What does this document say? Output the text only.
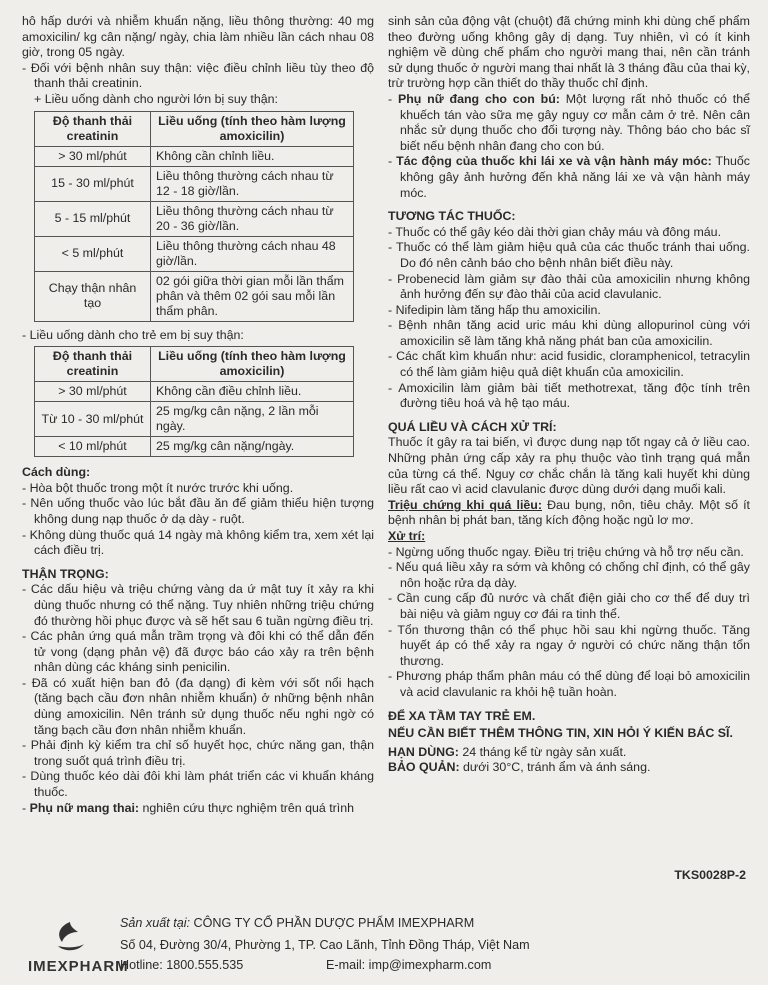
hô hấp dưới và nhiễm khuẩn nặng, liều thông thường: 40 mg amoxicilin/ kg cân nặng/ ngày, chia làm nhiều lần cách nhau 08 giờ, trong 05 ngày.

- Đối với bệnh nhân suy thận: việc điều chỉnh liều tùy theo độ thanh thải creatinin.

+ Liều uống dành cho người lớn bị suy thận:

Độ thanh thải creatinin	Liều uống (tính theo hàm lượng amoxicilin)
> 30 ml/phút	Không cần chỉnh liều.
15 - 30 ml/phút	Liều thông thường cách nhau từ 12 - 18 giờ/lần.
5 - 15 ml/phút	Liều thông thường cách nhau từ 20 - 36 giờ/lần.
< 5 ml/phút	Liều thông thường cách nhau 48 giờ/lần.
Chạy thận nhân tạo	02 gói giữa thời gian mỗi lần thẩm phân và thêm 02 gói sau mỗi lần thẩm phân.

- Liều uống dành cho trẻ em bị suy thận:

Độ thanh thải creatinin	Liều uống (tính theo hàm lượng amoxicilin)
> 30 ml/phút	Không cần điều chỉnh liều.
Từ 10 - 30 ml/phút	25 mg/kg cân nặng, 2 lần mỗi ngày.
< 10 ml/phút	25 mg/kg cân nặng/ngày.

Cách dùng:

- Hòa bột thuốc trong một ít nước trước khi uống.

- Nên uống thuốc vào lúc bắt đầu ăn để giảm thiểu hiện tượng không dung nạp thuốc ở dạ dày - ruột.

- Không dùng thuốc quá 14 ngày mà không kiểm tra, xem xét lại cách điều trị.

THẬN TRỌNG:

- Các dấu hiệu và triệu chứng vàng da ứ mật tuy ít xảy ra khi dùng thuốc nhưng có thể nặng. Tuy nhiên những triệu chứng đó thường hồi phục được và sẽ hết sau 6 tuần ngừng điều trị.

- Các phản ứng quá mẫn trầm trọng và đôi khi có thể dẫn đến tử vong (dạng phản vệ) đã được báo cáo xảy ra trên bệnh nhân dùng các kháng sinh penicilin.

- Đã có xuất hiện ban đỏ (đa dạng) đi kèm với sốt nổi hạch (tăng bạch cầu đơn nhân nhiễm khuẩn) ở những bệnh nhân dùng amoxicilin. Nên tránh sử dụng thuốc nếu nghi ngờ có tăng bạch cầu đơn nhân nhiễm khuẩn.

- Phải định kỳ kiểm tra chỉ số huyết học, chức năng gan, thận trong suốt quá trình điều trị.

- Dùng thuốc kéo dài đôi khi làm phát triển các vi khuẩn kháng thuốc.

- Phụ nữ mang thai: nghiên cứu thực nghiệm trên quá trình

sinh sản của động vật (chuột) đã chứng minh khi dùng chế phẩm theo đường uống không gây dị dạng. Tuy nhiên, vì có ít kinh nghiệm về dùng chế phẩm cho người mang thai, nên cần tránh sử dụng thuốc ở người mang thai nhất là 3 tháng đầu của thai kỳ, trừ trường hợp cần thiết do thầy thuốc chỉ định.

- Phụ nữ đang cho con bú: Một lượng rất nhỏ thuốc có thể khuếch tán vào sữa mẹ gây nguy cơ mẫn cảm ở trẻ. Nên cân nhắc sử dụng thuốc cho đối tượng này. Thông báo cho bác sĩ biết nếu bệnh nhân đang cho con bú.

- Tác động của thuốc khi lái xe và vận hành máy móc: Thuốc không gây ảnh hưởng đến khả năng lái xe và vận hành máy móc.

TƯƠNG TÁC THUỐC:

- Thuốc có thể gây kéo dài thời gian chảy máu và đông máu.

- Thuốc có thể làm giảm hiệu quả của các thuốc tránh thai uống. Do đó nên cảnh báo cho bệnh nhân biết điều này.

- Probenecid làm giảm sự đào thải của amoxicilin nhưng không ảnh hưởng đến sự đào thải của acid clavulanic.

- Nifedipin làm tăng hấp thu amoxicilin.

- Bệnh nhân tăng acid uric máu khi dùng allopurinol cùng với amoxicilin sẽ làm tăng khả năng phát ban của amoxicilin.

- Các chất kìm khuẩn như: acid fusidic, cloramphenicol, tetracylin có thể làm giảm hiệu quả diệt khuẩn của amoxicilin.

- Amoxicilin làm giảm bài tiết methotrexat, tăng độc tính trên đường tiêu hoá và hệ tạo máu.

QUÁ LIỀU VÀ CÁCH XỬ TRÍ:

Thuốc ít gây ra tai biến, vì được dung nạp tốt ngay cả ở liều cao. Những phản ứng cấp xảy ra phụ thuộc vào tình trạng quá mẫn của từng cá thể. Nguy cơ chắc chắn là tăng kali huyết khi dùng liều rất cao vì acid clavulanic được dùng dưới dạng muối kali.

Triệu chứng khi quá liều: Đau bụng, nôn, tiêu chảy. Một số ít bệnh nhân bị phát ban, tăng kích động hoặc ngủ lơ mơ.

Xử trí:

- Ngừng uống thuốc ngay. Điều trị triệu chứng và hỗ trợ nếu cần.

- Nếu quá liều xảy ra sớm và không có chống chỉ định, có thể gây nôn hoặc rửa dạ dày.

- Cần cung cấp đủ nước và chất điện giải cho cơ thể để duy trì bài niệu và giảm nguy cơ đái ra tinh thể.

- Tổn thương thận có thể phục hồi sau khi ngừng thuốc. Tăng huyết áp có thể xảy ra ngay ở người có chức năng thận tổn thương.

- Phương pháp thẩm phân máu có thể dùng để loại bỏ amoxicilin và acid clavulanic ra khỏi hệ tuần hoàn.

ĐỂ XA TẦM TAY TRẺ EM.

NẾU CẦN BIẾT THÊM THÔNG TIN, XIN HỎI Ý KIẾN BÁC SĨ.

HẠN DÙNG: 24 tháng kể từ ngày sản xuất.

BẢO QUẢN: dưới 30°C, tránh ẩm và ánh sáng.

TKS0028P-2
IMEXPHARM
Sản xuất tại: CÔNG TY CỔ PHẦN DƯỢC PHẨM IMEXPHARM
Số 04, Đường 30/4, Phường 1, TP. Cao Lãnh, Tỉnh Đồng Tháp, Việt Nam
Hotline: 1800.555.535	E-mail: imp@imexpharm.com
